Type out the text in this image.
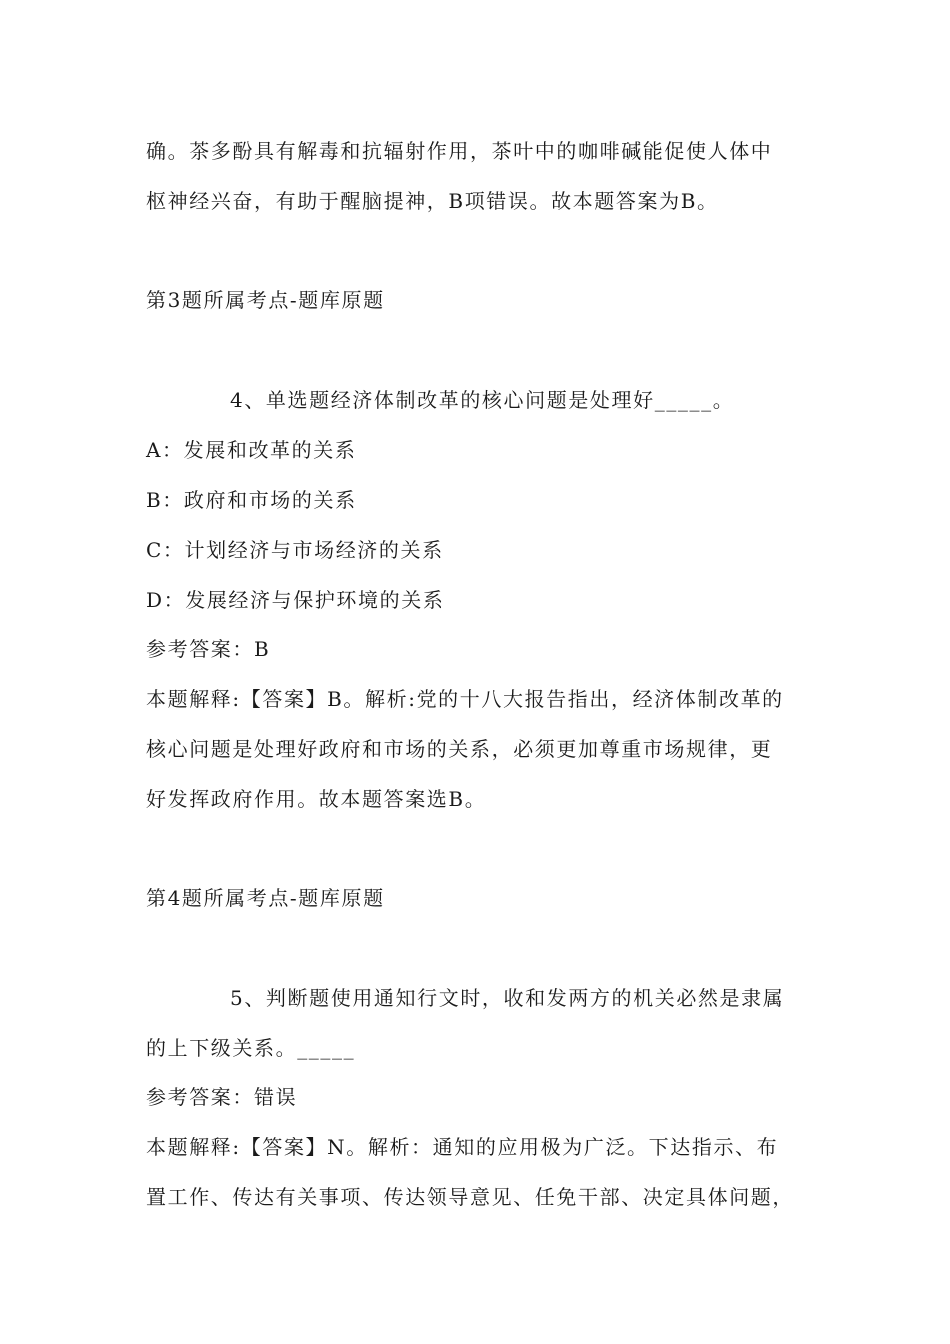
确。茶多酚具有解毒和抗辐射作用，茶叶中的咖啡碱能促使人体中
枢神经兴奋，有助于醒脑提神，B项错误。故本题答案为B。
第3题所属考点-题库原题
4、单选题经济体制改革的核心问题是处理好_____。
A：发展和改革的关系
B：政府和市场的关系
C：计划经济与市场经济的关系
D：发展经济与保护环境的关系
参考答案：B
本题解释:【答案】B。解析:党的十八大报告指出，经济体制改革的
核心问题是处理好政府和市场的关系，必须更加尊重市场规律，更
好发挥政府作用。故本题答案选B。
第4题所属考点-题库原题
5、判断题使用通知行文时，收和发两方的机关必然是隶属
的上下级关系。_____
参考答案：错误
本题解释:【答案】N。解析：通知的应用极为广泛。下达指示、布
置工作、传达有关事项、传达领导意见、任免干部、决定具体问题，
